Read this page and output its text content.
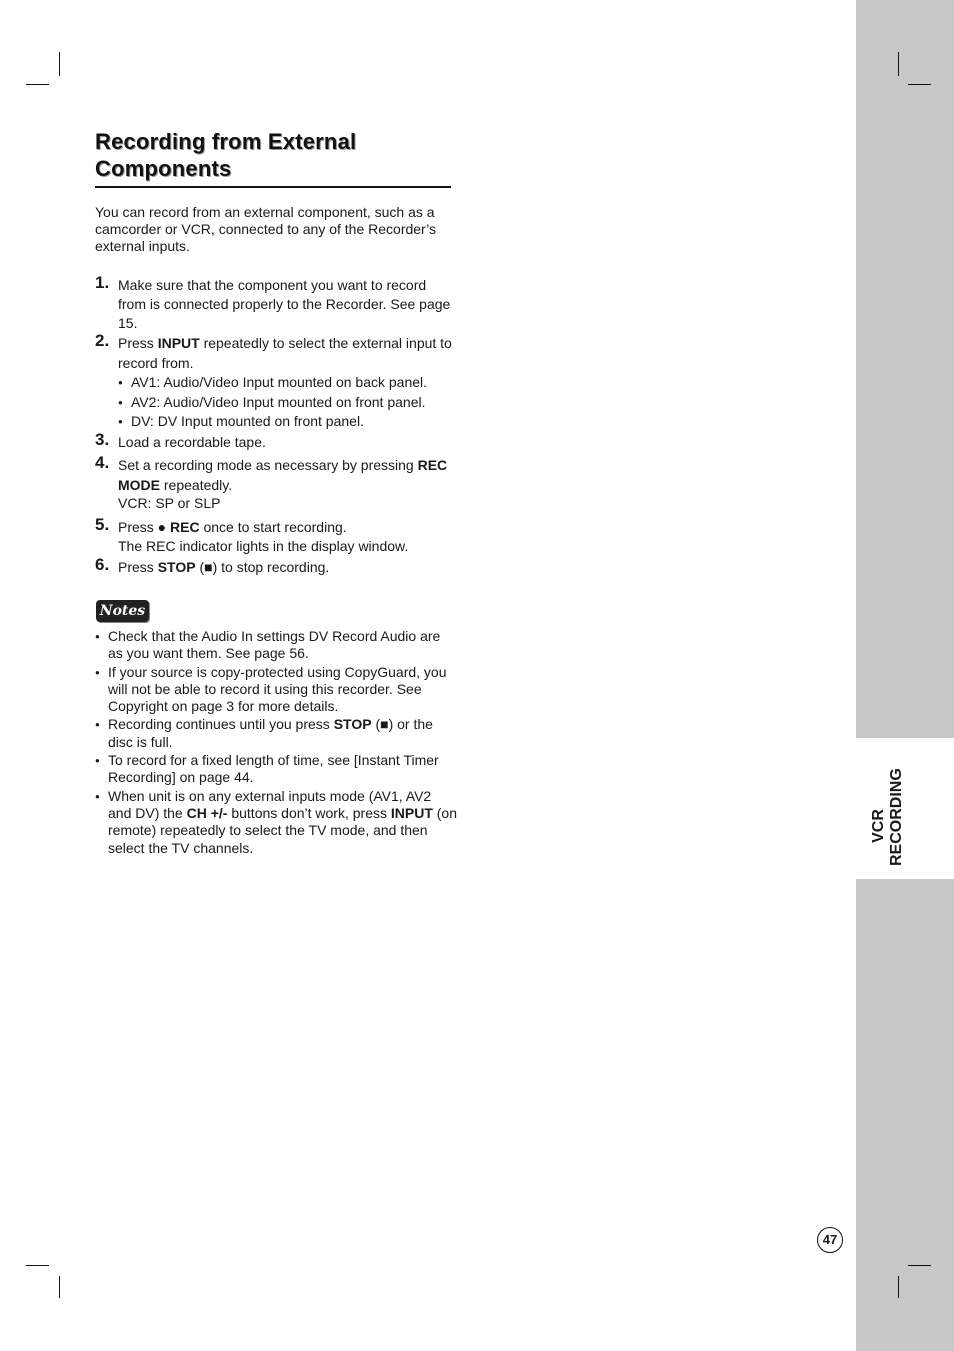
VCR RECORDING
Recording from External Components
You can record from an external component, such as a camcorder or VCR, connected to any of the Recorder’s external inputs.
1. Make sure that the component you want to record from is connected properly to the Recorder. See page 15.
2. Press INPUT repeatedly to select the external input to record from.
● AV1: Audio/Video Input mounted on back panel.
● AV2: Audio/Video Input mounted on front panel.
● DV: DV Input mounted on front panel.
3. Load a recordable tape.
4. Set a recording mode as necessary by pressing REC MODE repeatedly.
VCR: SP or SLP
5. Press ● REC once to start recording.
The REC indicator lights in the display window.
6. Press STOP (■) to stop recording.
Notes
● Check that the Audio In settings DV Record Audio are as you want them. See page 56.
● If your source is copy-protected using CopyGuard, you will not be able to record it using this recorder. See Copyright on page 3 for more details.
● Recording continues until you press STOP (■) or the disc is full.
● To record for a fixed length of time, see [Instant Timer Recording] on page 44.
● When unit is on any external inputs mode (AV1, AV2 and DV) the CH +/- buttons don’t work, press INPUT (on remote) repeatedly to select the TV mode, and then select the TV channels.
47
